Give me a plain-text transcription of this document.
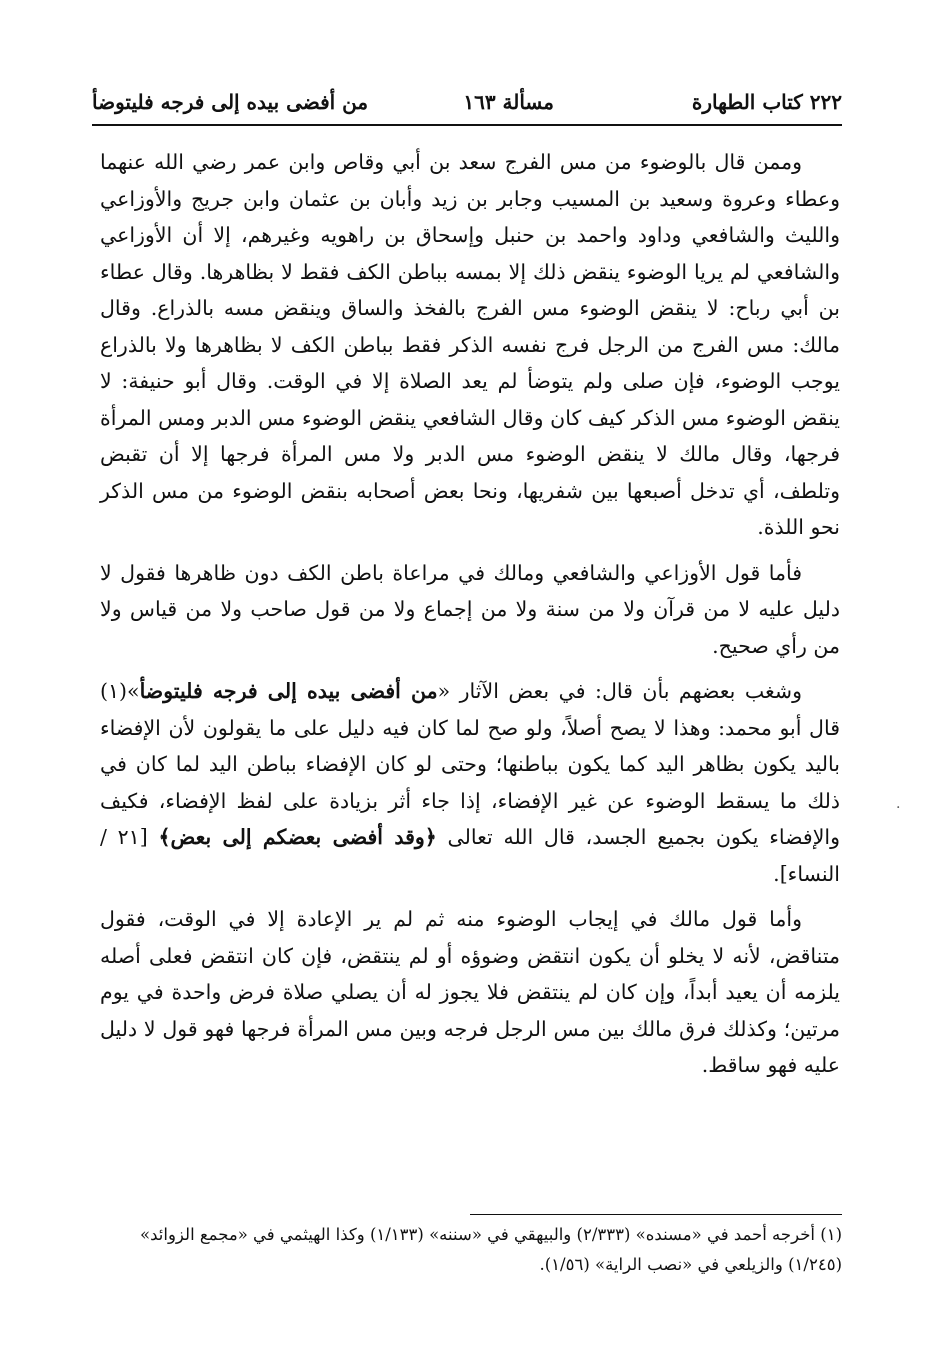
٢٢٢ كتاب الطهارة
مسألة ١٦٣
من أفضى بيده إلى فرجه فليتوضأ

وممن قال بالوضوء من مس الفرج سعد بن أبي وقاص وابن عمر رضي الله عنهما وعطاء وعروة وسعيد بن المسيب وجابر بن زيد وأبان بن عثمان وابن جريج والأوزاعي والليث والشافعي وداود واحمد بن حنبل وإسحاق بن راهويه وغيرهم، إلا أن الأوزاعي والشافعي لم يريا الوضوء ينقض ذلك إلا بمسه بباطن الكف فقط لا بظاهرها. وقال عطاء بن أبي رباح: لا ينقض الوضوء مس الفرج بالفخذ والساق وينقض مسه بالذراع. وقال مالك: مس الفرج من الرجل فرج نفسه الذكر فقط بباطن الكف لا بظاهرها ولا بالذراع يوجب الوضوء، فإن صلى ولم يتوضأ لم يعد الصلاة إلا في الوقت. وقال أبو حنيفة: لا ينقض الوضوء مس الذكر كيف كان وقال الشافعي ينقض الوضوء مس الدبر ومس المرأة فرجها، وقال مالك لا ينقض الوضوء مس الدبر ولا مس المرأة فرجها إلا أن تقبض وتلطف، أي تدخل أصبعها بين شفريها، ونحا بعض أصحابه بنقض الوضوء من مس الذكر نحو اللذة.

فأما قول الأوزاعي والشافعي ومالك في مراعاة باطن الكف دون ظاهرها فقول لا دليل عليه لا من قرآن ولا من سنة ولا من إجماع ولا من قول صاحب ولا من قياس ولا من رأي صحيح.

وشغب بعضهم بأن قال: في بعض الآثار «من أفضى بيده إلى فرجه فليتوضأ»(١) قال أبو محمد: وهذا لا يصح أصلاً، ولو صح لما كان فيه دليل على ما يقولون لأن الإفضاء باليد يكون بظاهر اليد كما يكون بباطنها؛ وحتى لو كان الإفضاء بباطن اليد لما كان في ذلك ما يسقط الوضوء عن غير الإفضاء، إذا جاء أثر بزيادة على لفظ الإفضاء، فكيف والإفضاء يكون بجميع الجسد، قال الله تعالى ﴿وقد أفضى بعضكم إلى بعض﴾ [٢١ / النساء].

وأما قول مالك في إيجاب الوضوء منه ثم لم ير الإعادة إلا في الوقت، فقول متناقض، لأنه لا يخلو أن يكون انتقض وضوؤه أو لم ينتقض، فإن كان انتقض فعلى أصله يلزمه أن يعيد أبداً، وإن كان لم ينتقض فلا يجوز له أن يصلي صلاة فرض واحدة في يوم مرتين؛ وكذلك فرق مالك بين مس الرجل فرجه وبين مس المرأة فرجها فهو قول لا دليل عليه فهو ساقط.

(١) أخرجه أحمد في «مسنده» (٢/٣٣٣) والبيهقي في «سننه» (١/١٣٣) وكذا الهيثمي في «مجمع الزوائد»
(١/٢٤٥) والزيلعي في «نصب الراية» (١/٥٦).
.
